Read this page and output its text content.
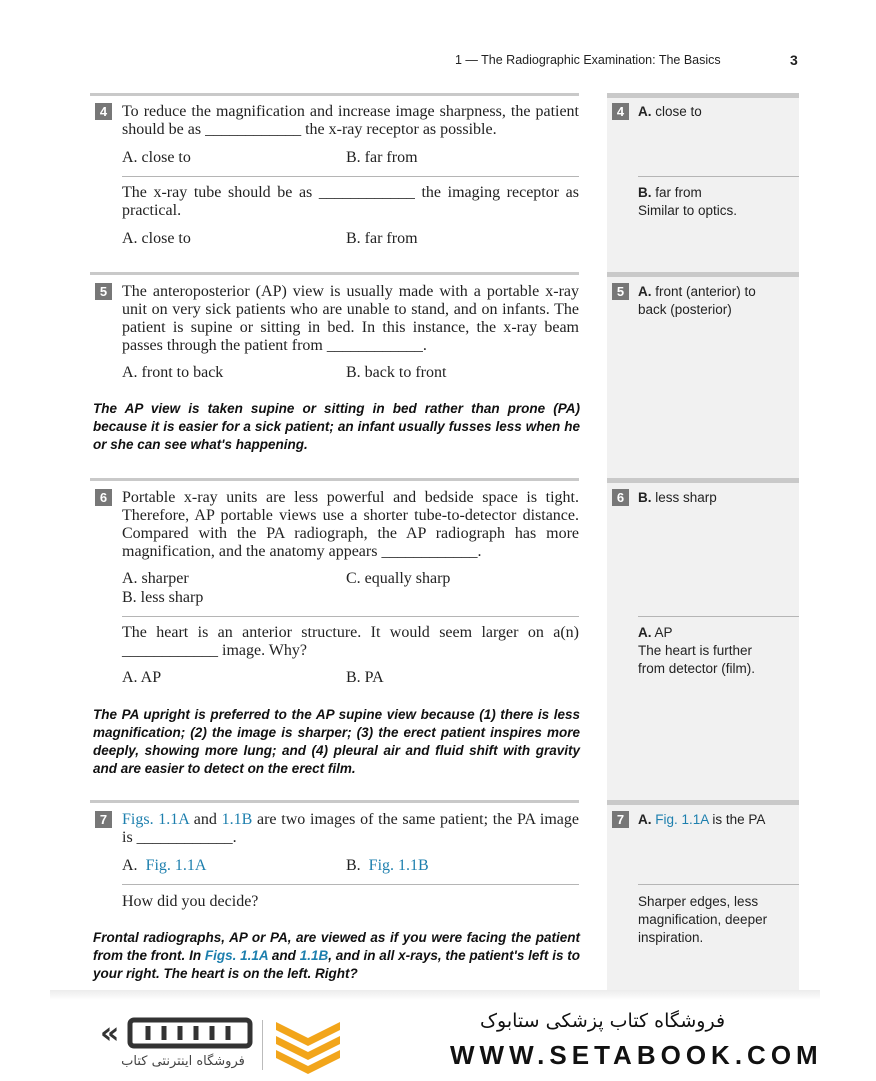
1 — The Radiographic Examination: The Basics	3
4 To reduce the magnification and increase image sharpness, the patient should be as ____________ the x-ray receptor as possible.
A. close to	B. far from
The x-ray tube should be as ____________ the imaging receptor as practical.
A. close to	B. far from
4	A. close to
B. far from
Similar to optics.
5 The anteroposterior (AP) view is usually made with a portable x-ray unit on very sick patients who are unable to stand, and on infants. The patient is supine or sitting in bed. In this instance, the x-ray beam passes through the patient from ____________.
A. front to back	B. back to front
The AP view is taken supine or sitting in bed rather than prone (PA) because it is easier for a sick patient; an infant usually fusses less when he or she can see what's happening.
5	A. front (anterior) to back (posterior)
6 Portable x-ray units are less powerful and bedside space is tight. Therefore, AP portable views use a shorter tube-to-detector distance. Compared with the PA radiograph, the AP radiograph has more magnification, and the anatomy appears ____________.
A. sharper	C. equally sharp
B. less sharp
The heart is an anterior structure. It would seem larger on a(n) ____________ image. Why?
A. AP	B. PA
The PA upright is preferred to the AP supine view because (1) there is less magnification; (2) the image is sharper; (3) the erect patient inspires more deeply, showing more lung; and (4) pleural air and fluid shift with gravity and are easier to detect on the erect film.
6	B. less sharp
A. AP
The heart is further from detector (film).
7 Figs. 1.1A and 1.1B are two images of the same patient; the PA image is ____________.
A.  Fig. 1.1A	B.  Fig. 1.1B
How did you decide?
Frontal radiographs, AP or PA, are viewed as if you were facing the patient from the front. In Figs. 1.1A and 1.1B, and in all x-rays, the patient's left is to your right. The heart is on the left. Right?
7	A. Fig. 1.1A is the PA
Sharper edges, less magnification, deeper inspiration.
«
فروشگاه اینترنتی کتاب
فروشگاه کتاب پزشکی ستابوک
WWW.SETABOOK.COM
